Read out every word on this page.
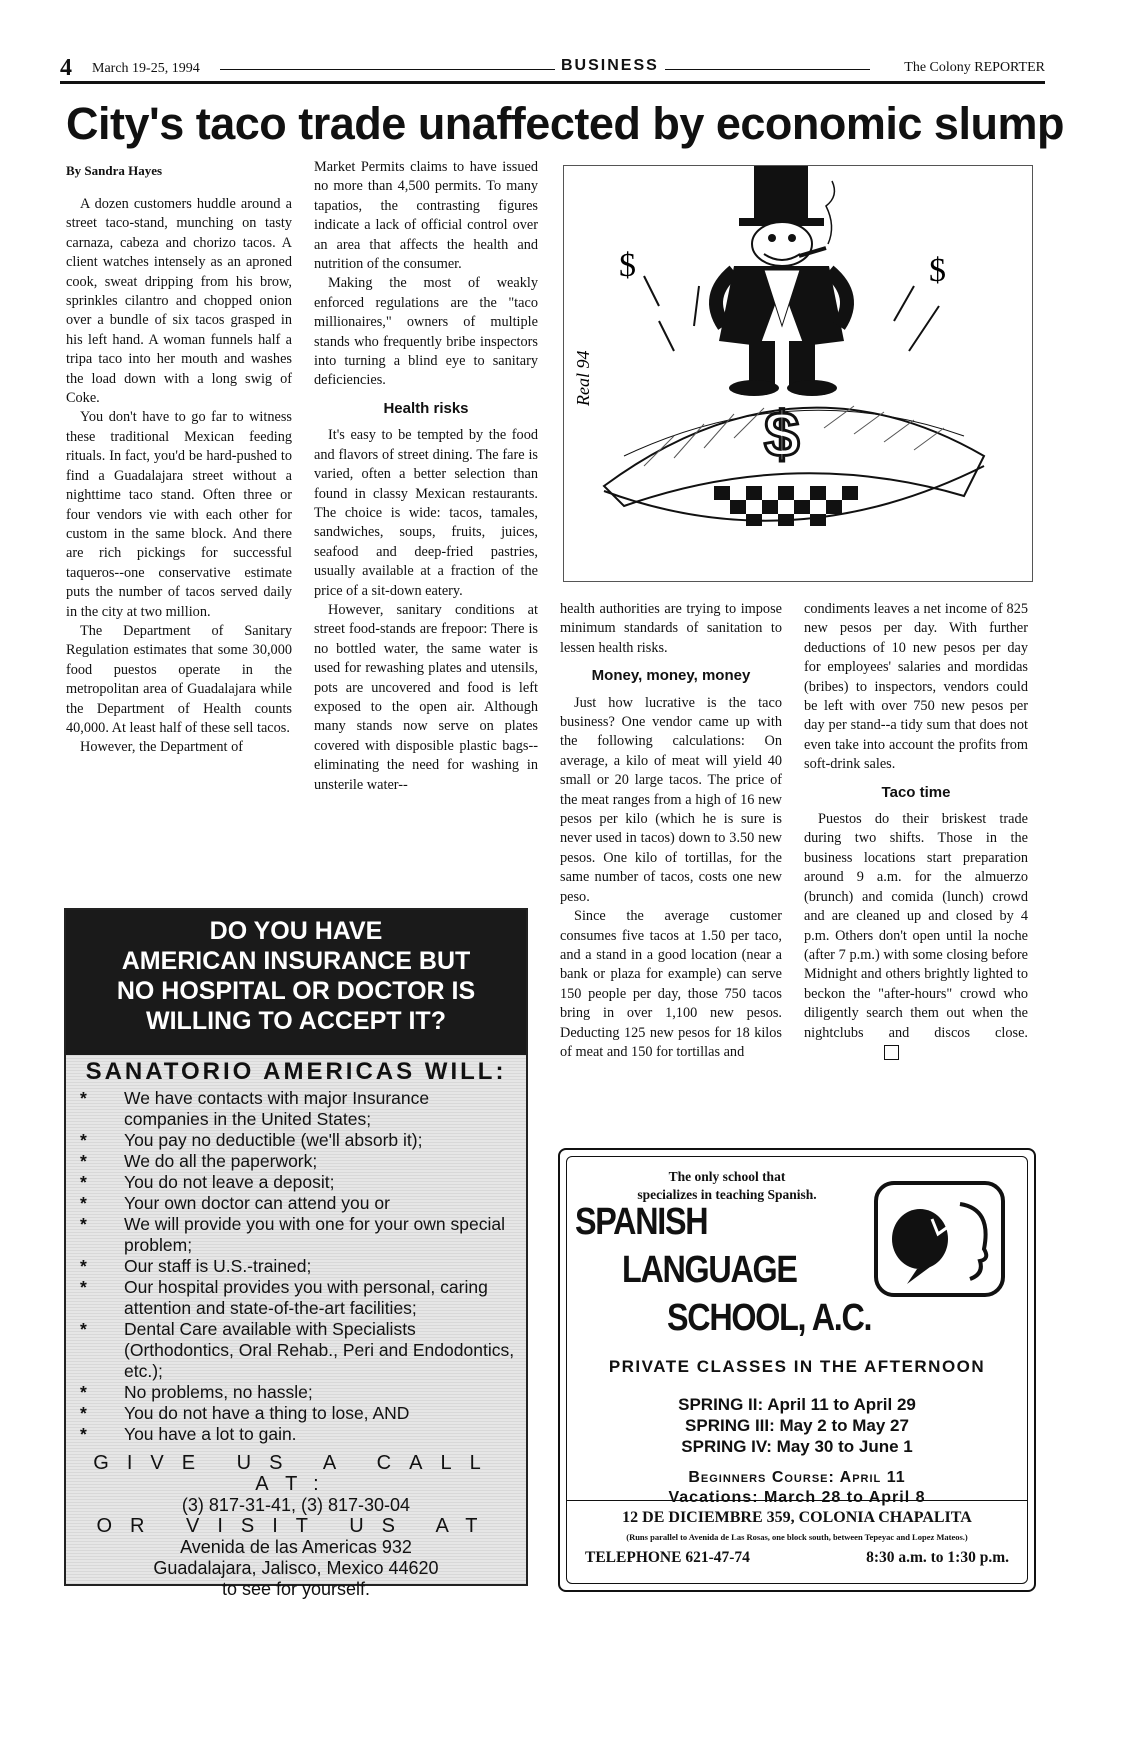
4 March 19-25, 1994	BUSINESS	The Colony REPORTER
City's taco trade unaffected by economic slump
By Sandra Hayes

A dozen customers huddle around a street taco-stand, munching on tasty carnaza, cabeza and chorizo tacos. A client watches intensely as an aproned cook, sweat dripping from his brow, sprinkles cilantro and chopped onion over a bundle of six tacos grasped in his left hand. A woman funnels half a tripa taco into her mouth and washes the load down with a long swig of Coke.

You don't have to go far to witness these traditional Mexican feeding rituals. In fact, you'd be hard-pushed to find a Guadalajara street without a nighttime taco stand. Often three or four vendors vie with each other for custom in the same block. And there are rich pickings for successful taqueros--one conservative estimate puts the number of tacos served daily in the city at two million.

The Department of Sanitary Regulation estimates that some 30,000 food puestos operate in the metropolitan area of Guadalajara while the Department of Health counts 40,000. At least half of these sell tacos.

However, the Department of

Market Permits claims to have issued no more than 4,500 permits. To many tapatios, the contrasting figures indicate a lack of official control over an area that affects the health and nutrition of the consumer.

Making the most of weakly enforced regulations are the "taco millionaires," owners of multiple stands who frequently bribe inspectors into turning a blind eye to sanitary deficiencies.

Health risks

It's easy to be tempted by the food and flavors of street dining. The fare is varied, often a better selection than found in classy Mexican restaurants. The choice is wide: tacos, tamales, sandwiches, soups, fruits, juices, seafood and deep-fried pastries, usually available at a fraction of the price of a sit-down eatery.

However, sanitary conditions at street food-stands are frepoor: There is no bottled water, the same water is used for rewashing plates and utensils, pots are uncovered and food is left exposed to the open air. Although many stands now serve on plates covered with disposible plastic bags--eliminating the need for washing in unsterile water--

$	$
$
Real 94

health authorities are trying to impose minimum standards of sanitation to lessen health risks.

Money, money, money

Just how lucrative is the taco business? One vendor came up with the following calculations: On average, a kilo of meat will yield 40 small or 20 large tacos. The price of the meat ranges from a high of 16 new pesos per kilo (which he is sure is never used in tacos) down to 3.50 new pesos. One kilo of tortillas, for the same number of tacos, costs one new peso.

Since the average customer consumes five tacos at 1.50 per taco, and a stand in a good location (near a bank or plaza for example) can serve 150 people per day, those 750 tacos bring in over 1,100 new pesos. Deducting 125 new pesos for 18 kilos of meat and 150 for tortillas and

condiments leaves a net income of 825 new pesos per day. With further deductions of 10 new pesos per day for employees' salaries and mordidas (bribes) to inspectors, vendors could be left with over 750 new pesos per day per stand--a tidy sum that does not even take into account the profits from soft-drink sales.

Taco time

Puestos do their briskest trade during two shifts. Those in the business locations start preparation around 9 a.m. for the almuerzo (brunch) and comida (lunch) crowd and are cleaned up and closed by 4 p.m. Others don't open until la noche (after 7 p.m.) with some closing before Midnight and others brightly lighted to beckon the "after-hours" crowd who diligently search them out when the nightclubs and discos close.

DO YOU HAVE
AMERICAN INSURANCE BUT
NO HOSPITAL OR DOCTOR IS
WILLING TO ACCEPT IT?
SANATORIO AMERICAS WILL:
* We have contacts with major Insurance companies in the United States;
* You pay no deductible (we'll absorb it);
* We do all the paperwork;
* You do not leave a deposit;
* Your own doctor can attend you or
* We will provide you with one for your own special problem;
* Our staff is U.S.-trained;
* Our hospital provides you with personal, caring attention and state-of-the-art facilities;
* Dental Care available with Specialists (Orthodontics, Oral Rehab., Peri and Endodontics, etc.);
* No problems, no hassle;
* You do not have a thing to lose, AND
* You have a lot to gain.
GIVE US A CALL AT:
(3) 817-31-41, (3) 817-30-04
OR VISIT US AT
Avenida de las Americas 932
Guadalajara, Jalisco, Mexico 44620
to see for yourself.
The only school that
specializes in teaching Spanish.
SPANISH
LANGUAGE
SCHOOL, A.C.
PRIVATE CLASSES IN THE AFTERNOON
SPRING II: April 11 to April 29
SPRING III: May 2 to May 27
SPRING IV: May 30 to June 1
Beginners Course: April 11
Vacations: March 28 to April 8
12 DE DICIEMBRE 359, COLONIA CHAPALITA
(Runs parallel to Avenida de Las Rosas, one block south, between Tepeyac and Lopez Mateos.)
TELEPHONE 621-47-74	8:30 a.m. to 1:30 p.m.
